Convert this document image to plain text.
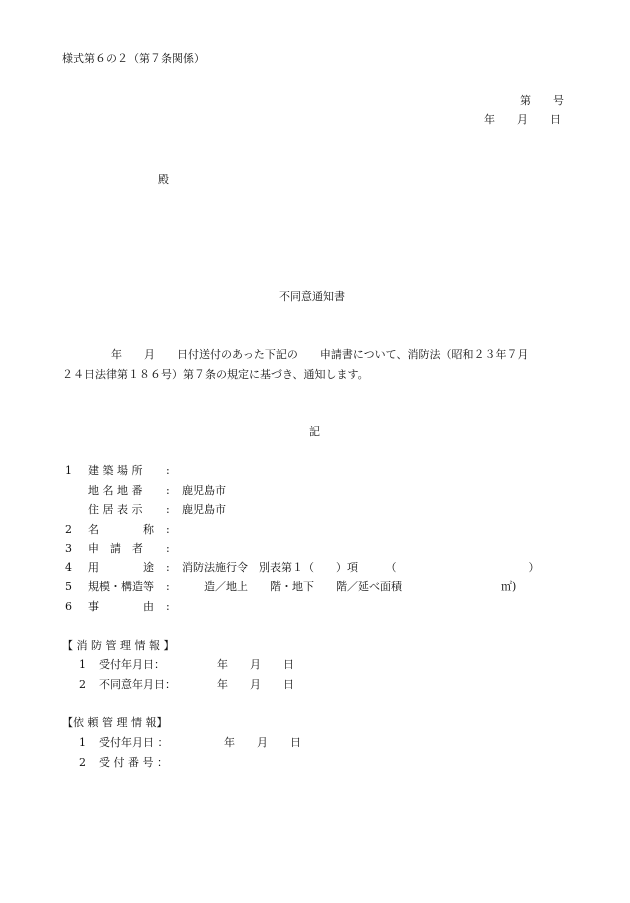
様式第６の２（第７条関係）
第　　号
年　　月　　日
殿
不同意通知書
年　　月　　日付送付のあった下記の　　申請書について、消防法（昭和２３年７月
２４日法律第１８６号）第７条の規定に基づき、通知します。
記
1 建 築 場 所 :
地 名 地 番 : 鹿児島市
住 居 表 示 : 鹿児島市
2 名　　　　称 :
3 申　請　者 :
4 用　　　　途 : 消防法施行令　別表第１（　　）項　　　（　　　　　　　　　　　　）
5 規模・構造等 : 　　造／地上　　階・地下　　階／延べ面積　　　　　　　　　㎡)
6 事　　　　由 :
【 消 防 管 理 情 報 】
1 受付年月日：	年　　月　　日
2 不同意年月日：	年　　月　　日
【依 頼 管 理 情 報】
1 受付年月日 ：	年　　月　　日
2 受 付 番 号 ：
